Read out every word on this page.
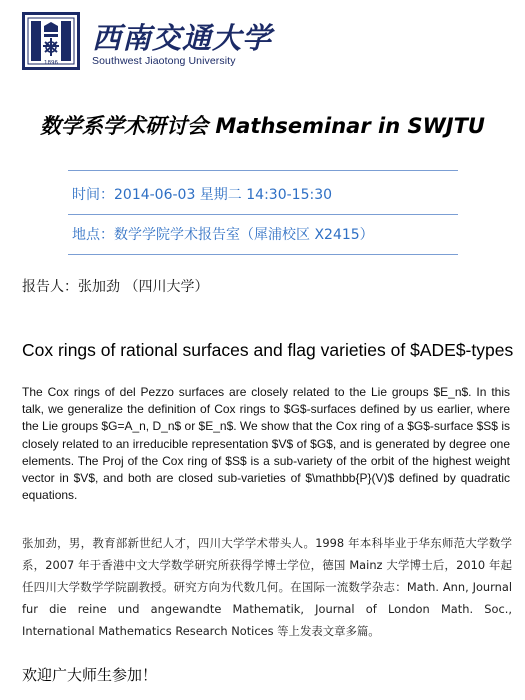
1896
西南交通大学
Southwest Jiaotong University
数学系学术研讨会 Mathseminar in SWJTU
时间：2014-06-03 星期二 14:30-15:30
地点：数学学院学术报告室（犀浦校区 X2415）
报告人：张加劲 （四川大学）
Cox rings of rational surfaces and flag varieties of $ADE$-types
The Cox rings of del Pezzo surfaces are closely related to the Lie groups $E_n$. In this talk, we generalize the definition of Cox rings to $G$-surfaces defined by us earlier, where the Lie groups $G=A_n, D_n$ or $E_n$. We show that the Cox ring of a $G$-surface $S$ is closely related to an irreducible representation $V$ of $G$, and is generated by degree one elements. The Proj of the Cox ring of $S$ is a sub-variety of the orbit of the highest weight vector in $V$, and both are closed sub-varieties of $\mathbb{P}(V)$ defined by quadratic equations.
张加劲，男，教育部新世纪人才，四川大学学术带头人。1998 年本科毕业于华东师范大学数学系，2007 年于香港中文大学数学研究所获得学博士学位，德国 Mainz 大学博士后，2010 年起任四川大学数学学院副教授。研究方向为代数几何。在国际一流数学杂志：Math. Ann, Journal fur die reine und angewandte Mathematik, Journal of London Math. Soc., International Mathematics Research Notices 等上发表文章多篇。
欢迎广大师生参加！
